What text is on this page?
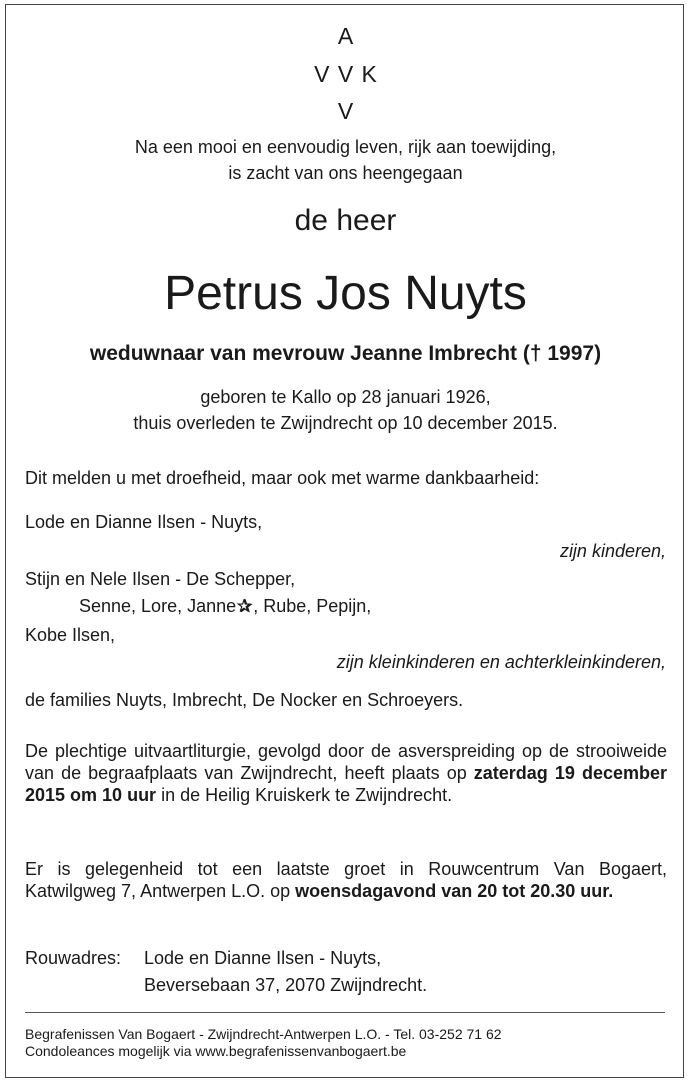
A
V V K
V
Na een mooi en eenvoudig leven, rijk aan toewijding,
is zacht van ons heengegaan
de heer
Petrus Jos Nuyts
weduwnaar van mevrouw Jeanne Imbrecht († 1997)
geboren te Kallo op 28 januari 1926,
thuis overleden te Zwijndrecht op 10 december 2015.
Dit melden u met droefheid, maar ook met warme dankbaarheid:
Lode en Dianne Ilsen - Nuyts,
zijn kinderen,
Stijn en Nele Ilsen - De Schepper,
Senne, Lore, Janne✰, Rube, Pepijn,
Kobe Ilsen,
zijn kleinkinderen en achterkleinkinderen,
de families Nuyts, Imbrecht, De Nocker en Schroeyers.
De plechtige uitvaartliturgie, gevolgd door de asverspreiding op de strooiweide van de begraafplaats van Zwijndrecht, heeft plaats op zaterdag 19 december 2015 om 10 uur in de Heilig Kruiskerk te Zwijndrecht.
Er is gelegenheid tot een laatste groet in Rouwcentrum Van Bogaert, Katwilgweg 7, Antwerpen L.O. op woensdagavond van 20 tot 20.30 uur.
Rouwadres: Lode en Dianne Ilsen - Nuyts,
Beversebaan 37, 2070 Zwijndrecht.
Begrafenissen Van Bogaert - Zwijndrecht-Antwerpen L.O. - Tel. 03-252 71 62
Condoleances mogelijk via www.begrafenissenvanbogaert.be
